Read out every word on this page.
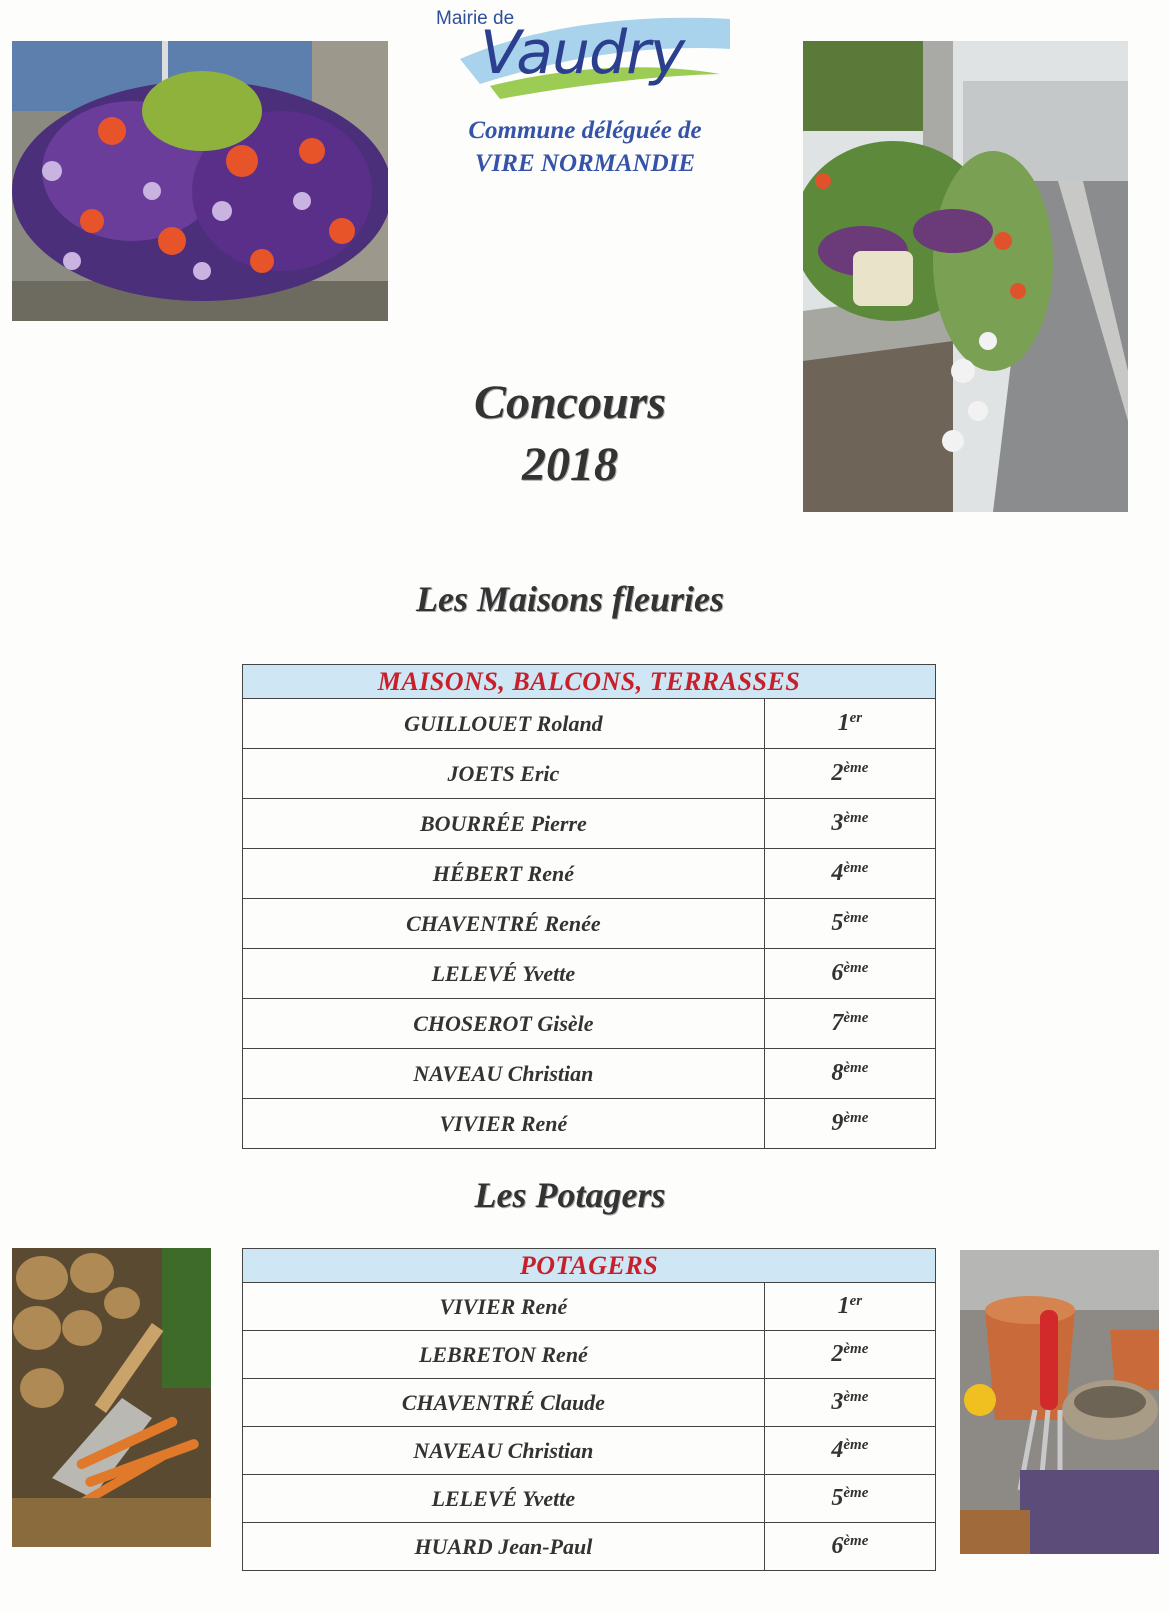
Mairie de
Vaudry
Commune déléguée de
VIRE NORMANDIE
Concours
2018
Les Maisons fleuries
MAISONS, BALCONS, TERRASSES	
GUILLOUET Roland	1er
JOETS Eric	2ème
BOURRÉE Pierre	3ème
HÉBERT René	4ème
CHAVENTRÉ Renée	5ème
LELEVÉ Yvette	6ème
CHOSEROT Gisèle	7ème
NAVEAU Christian	8ème
VIVIER René	9ème
Les Potagers
POTAGERS	
VIVIER René	1er
LEBRETON René	2ème
CHAVENTRÉ Claude	3ème
NAVEAU Christian	4ème
LELEVÉ Yvette	5ème
HUARD Jean-Paul	6ème
